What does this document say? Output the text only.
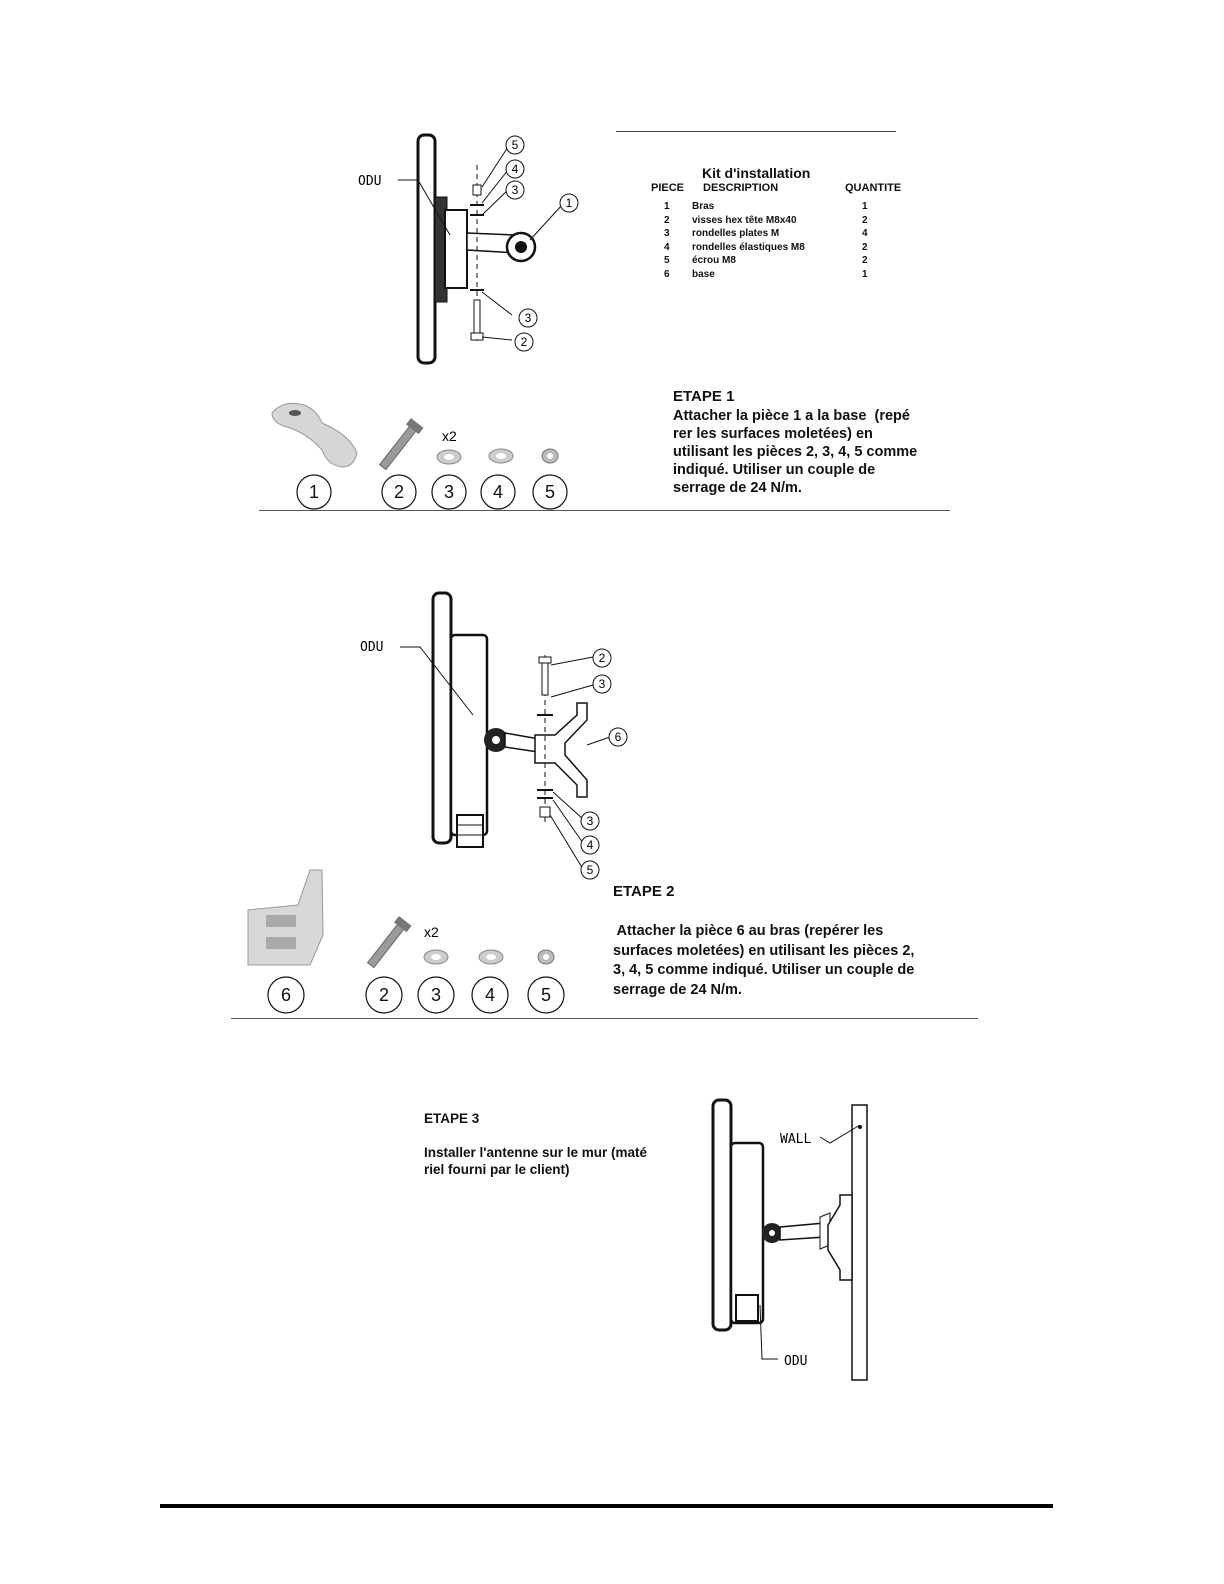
ODU
5
4
3
1
3
2
Kit d'installation
PIECE DESCRIPTION	QUANTITE
1 Bras	1
2 visses hex tête M8x40	2
3 rondelles plates M	4
4 rondelles élastiques M8	2
5 écrou M8	2
6 base	1
x2
1	2 3 4 5
ETAPE 1
Attacher la pièce 1 a la base  (repé
rer les surfaces moletées) en
utilisant les pièces 2, 3, 4, 5 comme
indiqué. Utiliser un couple de
serrage de 24 N/m.
ODU
2
3
6
3
4
5
x2
6	2 3 4	5
ETAPE 2
Attacher la pièce 6 au bras (repérer les
surfaces moletées) en utilisant les pièces 2,
3, 4, 5 comme indiqué. Utiliser un couple de
serrage de 24 N/m.
ETAPE 3
Installer l'antenne sur le mur (maté
riel fourni par le client)
WALL
ODU
